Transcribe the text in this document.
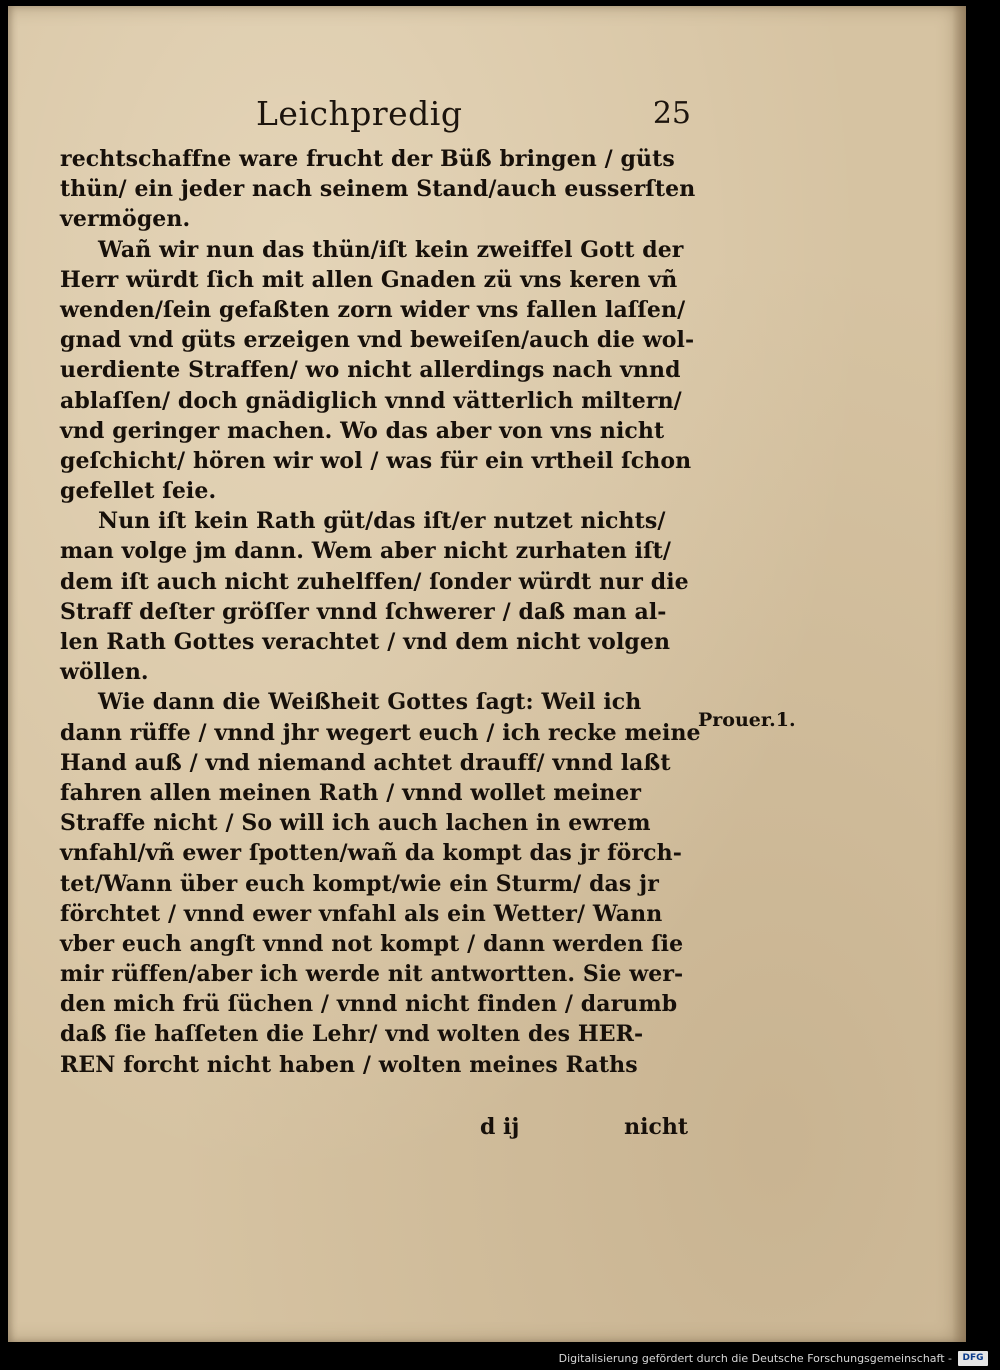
Leichpredig	25
rechtschaffne ware frucht der Büß bringen / güts
thün/ ein jeder nach seinem Stand/auch eusserſten
vermögen.
Wañ wir nun das thün/iſt kein zweiffel Gott der
Herr würdt ſich mit allen Gnaden zü vns keren vñ
wenden/ſein gefaßten zorn wider vns fallen laſſen/
gnad vnd güts erzeigen vnd beweiſen/auch die wol-
uerdiente Straffen/ wo nicht allerdings nach vnnd
ablaſſen/ doch gnädiglich vnnd vätterlich miltern/
vnd geringer machen. Wo das aber von vns nicht
geſchicht/ hören wir wol / was für ein vrtheil ſchon
gefellet ſeie.
Nun iſt kein Rath güt/das iſt/er nutzet nichts/
man volge jm dann. Wem aber nicht zurhaten iſt/
dem iſt auch nicht zuhelffen/ ſonder würdt nur die
Straff deſter gröſſer vnnd ſchwerer / daß man al-
len Rath Gottes verachtet / vnd dem nicht volgen
wöllen.
Wie dann die Weißheit Gottes ſagt: Weil ich
dann rüffe / vnnd jhr wegert euch / ich recke meine
Hand auß / vnd niemand achtet drauff/ vnnd laßt
fahren allen meinen Rath / vnnd wollet meiner
Straffe nicht / So will ich auch lachen in ewrem
vnfahl/vñ ewer ſpotten/wañ da kompt das jr förch-
tet/Wann über euch kompt/wie ein Sturm/ das jr
förchtet / vnnd ewer vnfahl als ein Wetter/ Wann
vber euch angſt vnnd not kompt / dann werden ſie
mir rüffen/aber ich werde nit antwortten. Sie wer-
den mich frü ſüchen / vnnd nicht finden / darumb
daß ſie haſſeten die Lehr/ vnd wolten des HER-
REN forcht nicht haben / wolten meines Raths
Prouer.1.
d ij	nicht
Digitalisierung gefördert durch die Deutsche Forschungsgemeinschaft -	DFG
